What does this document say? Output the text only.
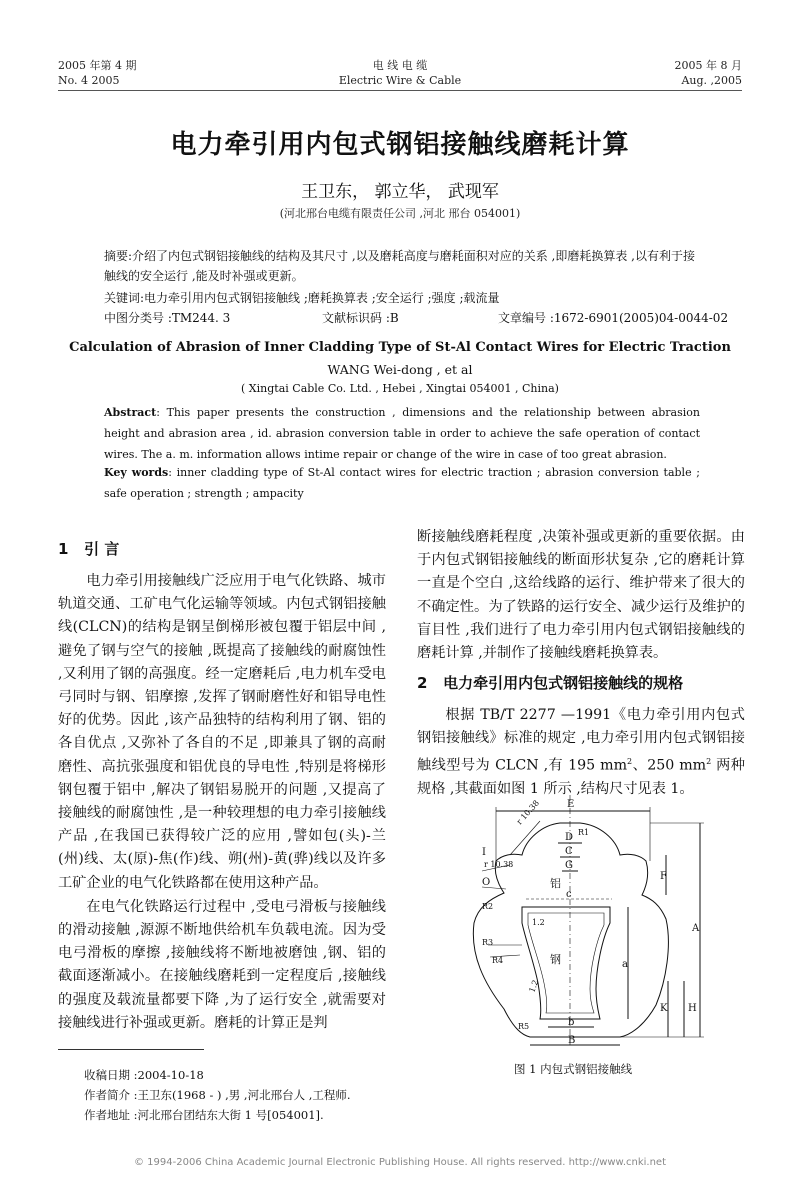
2005 年第 4 期
No. 4 2005
电 线 电 缆
Electric Wire & Cable
2005 年 8 月
Aug. ,2005
电力牵引用内包式钢铝接触线磨耗计算
王卫东， 郭立华， 武现军
(河北邢台电缆有限责任公司 ,河北 邢台 054001)
摘要:介绍了内包式钢铝接触线的结构及其尺寸 ,以及磨耗高度与磨耗面积对应的关系 ,即磨耗换算表 ,以有利于接触线的安全运行 ,能及时补强或更新。
关键词:电力牵引用内包式钢铝接触线 ;磨耗换算表 ;安全运行 ;强度 ;载流量
中图分类号 :TM244. 3	文献标识码 :B	文章编号 :1672-6901(2005)04-0044-02
Calculation of Abrasion of Inner Cladding Type of St-Al Contact Wires for Electric Traction
WANG Wei-dong , et al
( Xingtai Cable Co. Ltd. , Hebei , Xingtai 054001 , China)
Abstract: This paper presents the construction , dimensions and the relationship between abrasion height and abrasion area , id. abrasion conversion table in order to achieve the safe operation of contact wires. The a. m. information allows intime repair or change of the wire in case of too great abrasion.
Key words: inner cladding type of St-Al contact wires for electric traction ; abrasion conversion table ; safe operation ; strength ; ampacity
1 引 言

电力牵引用接触线广泛应用于电气化铁路、城市轨道交通、工矿电气化运输等领域。内包式钢铝接触线(CLCN)的结构是钢呈倒梯形被包覆于铝层中间 ,避免了钢与空气的接触 ,既提高了接触线的耐腐蚀性 ,又利用了钢的高强度。经一定磨耗后 ,电力机车受电弓同时与钢、铝摩擦 ,发挥了钢耐磨性好和铝导电性好的优势。因此 ,该产品独特的结构利用了钢、铝的各自优点 ,又弥补了各自的不足 ,即兼具了钢的高耐磨性、高抗张强度和铝优良的导电性 ,特别是将梯形钢包覆于铝中 ,解决了钢铝易脱开的问题 ,又提高了接触线的耐腐蚀性 ,是一种较理想的电力牵引接触线产品 ,在我国已获得较广泛的应用 ,譬如包(头)-兰(州)线、太(原)-焦(作)线、朔(州)-黄(骅)线以及许多工矿企业的电气化铁路都在使用这种产品。

在电气化铁路运行过程中 ,受电弓滑板与接触线的滑动接触 ,源源不断地供给机车负载电流。因为受电弓滑板的摩擦 ,接触线将不断地被磨蚀 ,钢、铝的截面逐渐减小。在接触线磨耗到一定程度后 ,接触线的强度及载流量都要下降 ,为了运行安全 ,就需要对接触线进行补强或更新。磨耗的计算正是判

断接触线磨耗程度 ,决策补强或更新的重要依据。由于内包式钢铝接触线的断面形状复杂 ,它的磨耗计算一直是个空白 ,这给线路的运行、维护带来了很大的不确定性。为了铁路的运行安全、减少运行及维护的盲目性 ,我们进行了电力牵引用内包式钢铝接触线的磨耗计算 ,并制作了接触线磨耗换算表。

2 电力牵引用内包式钢铝接触线的规格

根据 TB/T 2277 —1991《电力牵引用内包式钢铝接触线》标准的规定 ,电力牵引用内包式钢铝接触线型号为 CLCN ,有 195 $mm^2$、250 $mm^2$ 两种规格 ,其截面如图 1 所示 ,结构尺寸见表 1。

E
D
C
G
F
A
I
O
R1
R2
R3
R4
R5
r 10.38
r 10.38
铝
钢
c
a
b
B
K H
1.2
1.2
图 1 内包式钢铝接触线
收稿日期 :2004-10-18
作者简介 :王卫东(1968 - ) ,男 ,河北邢台人 ,工程师.
作者地址 :河北邢台团结东大街 1 号[054001].
© 1994-2006 China Academic Journal Electronic Publishing House. All rights reserved. http://www.cnki.net
